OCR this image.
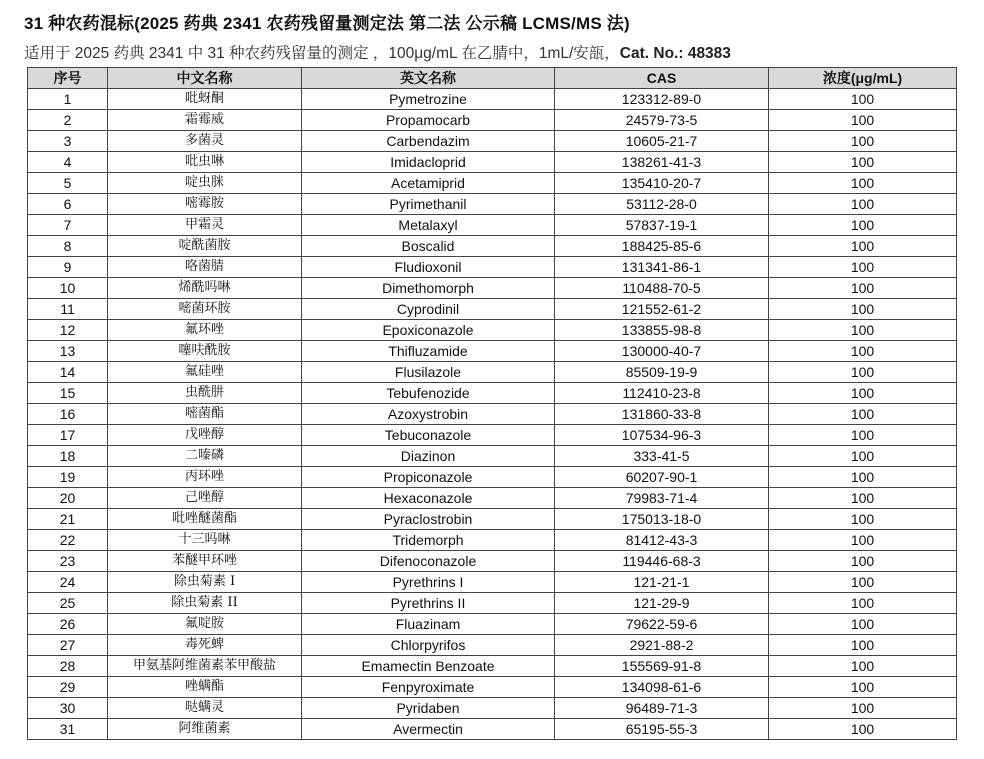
31 种农药混标(2025 药典 2341 农药残留量测定法 第二法 公示稿 LCMS/MS 法)
适用于 2025 药典 2341 中 31 种农药残留量的测定 ，100μg/mL 在乙腈中，1mL/安瓿，Cat. No.: 48383
序号	中文名称	英文名称	CAS	浓度(μg/mL)
1	吡蚜酮	Pymetrozine	123312-89-0	100
2	霜霉威	Propamocarb	24579-73-5	100
3	多菌灵	Carbendazim	10605-21-7	100
4	吡虫啉	Imidacloprid	138261-41-3	100
5	啶虫脒	Acetamiprid	135410-20-7	100
6	嘧霉胺	Pyrimethanil	53112-28-0	100
7	甲霜灵	Metalaxyl	57837-19-1	100
8	啶酰菌胺	Boscalid	188425-85-6	100
9	咯菌腈	Fludioxonil	131341-86-1	100
10	烯酰吗啉	Dimethomorph	110488-70-5	100
11	嘧菌环胺	Cyprodinil	121552-61-2	100
12	氟环唑	Epoxiconazole	133855-98-8	100
13	噻呋酰胺	Thifluzamide	130000-40-7	100
14	氟硅唑	Flusilazole	85509-19-9	100
15	虫酰肼	Tebufenozide	112410-23-8	100
16	嘧菌酯	Azoxystrobin	131860-33-8	100
17	戊唑醇	Tebuconazole	107534-96-3	100
18	二嗪磷	Diazinon	333-41-5	100
19	丙环唑	Propiconazole	60207-90-1	100
20	己唑醇	Hexaconazole	79983-71-4	100
21	吡唑醚菌酯	Pyraclostrobin	175013-18-0	100
22	十三吗啉	Tridemorph	81412-43-3	100
23	苯醚甲环唑	Difenoconazole	119446-68-3	100
24	除虫菊素 I	Pyrethrins I	121-21-1	100
25	除虫菊素 II	Pyrethrins II	121-29-9	100
26	氟啶胺	Fluazinam	79622-59-6	100
27	毒死蜱	Chlorpyrifos	2921-88-2	100
28	甲氨基阿维菌素苯甲酸盐	Emamectin Benzoate	155569-91-8	100
29	唑螨酯	Fenpyroximate	134098-61-6	100
30	哒螨灵	Pyridaben	96489-71-3	100
31	阿维菌素	Avermectin	65195-55-3	100
